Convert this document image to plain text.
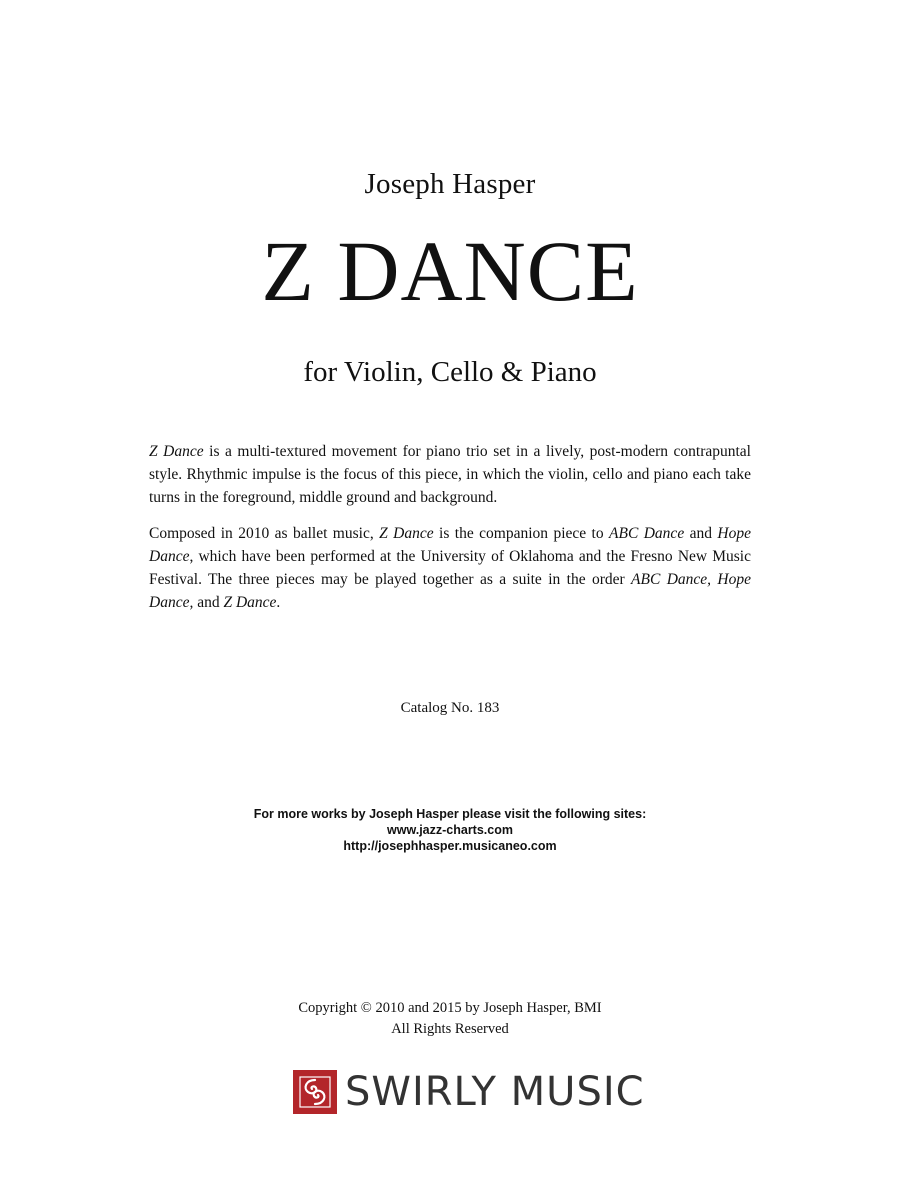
Joseph Hasper
Z DANCE
for Violin, Cello & Piano

Z Dance is a multi-textured movement for piano trio set in a lively, post-modern contrapuntal style. Rhythmic impulse is the focus of this piece, in which the violin, cello and piano each take turns in the foreground, middle ground and background.

Composed in 2010 as ballet music, Z Dance is the companion piece to ABC Dance and Hope Dance, which have been performed at the University of Oklahoma and the Fresno New Music Festival. The three pieces may be played together as a suite in the order ABC Dance, Hope Dance, and Z Dance.

Catalog No. 183
For more works by Joseph Hasper please visit the following sites:
www.jazz-charts.com
http://josephhasper.musicaneo.com
Copyright © 2010 and 2015 by Joseph Hasper, BMI
All Rights Reserved
SWIRLY MUSIC
